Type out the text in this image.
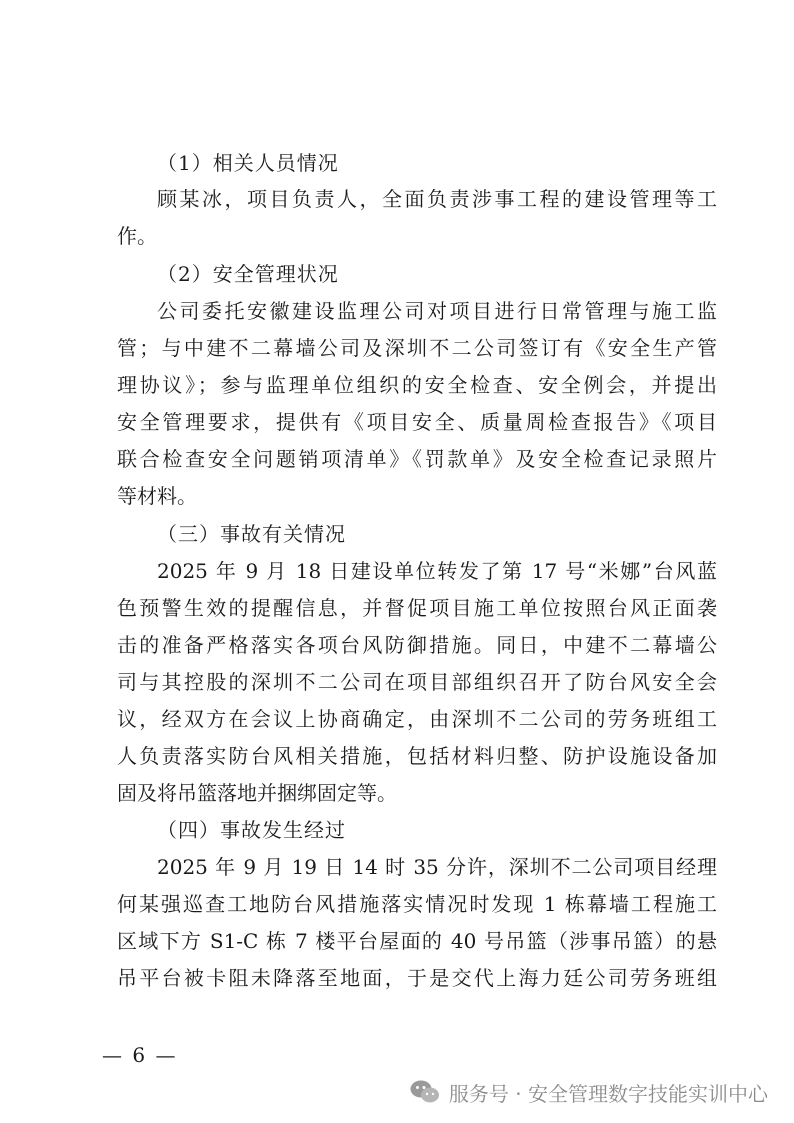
（1）相关人员情况
顾某冰，项目负责人，全面负责涉事工程的建设管理等工
作。
（2）安全管理状况
公司委托安徽建设监理公司对项目进行日常管理与施工监
管；与中建不二幕墙公司及深圳不二公司签订有《安全生产管
理协议》；参与监理单位组织的安全检查、安全例会，并提出
安全管理要求，提供有《项目安全、质量周检查报告》《项目
联合检查安全问题销项清单》《罚款单》及安全检查记录照片
等材料。
（三）事故有关情况
2025 年 9 月 18 日建设单位转发了第 17 号“米娜”台风蓝
色预警生效的提醒信息，并督促项目施工单位按照台风正面袭
击的准备严格落实各项台风防御措施。同日，中建不二幕墙公
司与其控股的深圳不二公司在项目部组织召开了防台风安全会
议，经双方在会议上协商确定，由深圳不二公司的劳务班组工
人负责落实防台风相关措施，包括材料归整、防护设施设备加
固及将吊篮落地并捆绑固定等。
（四）事故发生经过
2025 年 9 月 19 日 14 时 35 分许，深圳不二公司项目经理
何某强巡查工地防台风措施落实情况时发现 1 栋幕墙工程施工
区域下方 S1-C 栋 7 楼平台屋面的 40 号吊篮（涉事吊篮）的悬
吊平台被卡阻未降落至地面，于是交代上海力廷公司劳务班组
— 6 —
服务号 · 安全管理数字技能实训中心
